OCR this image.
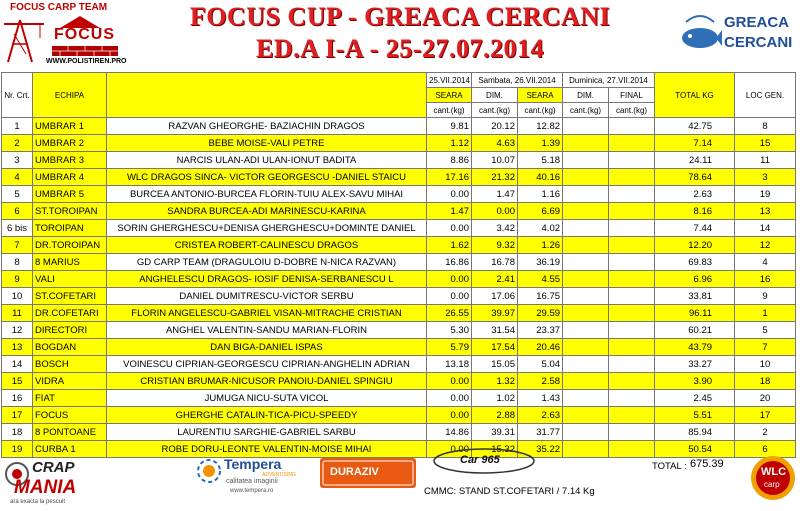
FOCUS CARP TEAM
FOCUS
WWW.POLISTIREN.PRO
FOCUS CUP - GREACA CERCANI
ED.A I-A - 25-27.07.2014
GREACA
CERCANI
Nr. Crt.	ECHIPA		25.VII.2014	Sambata, 26.VII.2014		Duminica, 27.VII.2014		TOTAL KG	LOC GEN.
			SEARA	DIM.	SEARA	DIM.	FINAL		
			cant.(kg)	cant.(kg)	cant.(kg)	cant.(kg)	cant.(kg)		
1	UMBRAR 1	RAZVAN GHEORGHE- BAZIACHIN DRAGOS	9.81	20.12	12.82			42.75	8
2	UMBRAR 2	BEBE MOISE-VALI PETRE	1.12	4.63	1.39			7.14	15
3	UMBRAR 3	NARCIS ULAN-ADI ULAN-IONUT BADITA	8.86	10.07	5.18			24.11	11
4	UMBRAR 4	WLC DRAGOS SINCA- VICTOR GEORGESCU -DANIEL STAICU	17.16	21.32	40.16			78.64	3
5	UMBRAR 5	BURCEA ANTONIO-BURCEA FLORIN-TUIU ALEX-SAVU MIHAI	0.00	1.47	1.16			2.63	19
6	ST.TOROIPAN	SANDRA BURCEA-ADI MARINESCU-KARINA	1.47	0.00	6.69			8.16	13
6 bis	TOROIPAN	SORIN GHERGHESCU+DENISA GHERGHESCU+DOMINTE DANIEL	0.00	3.42	4.02			7.44	14
7	DR.TOROIPAN	CRISTEA ROBERT-CALINESCU DRAGOS	1.62	9.32	1.26			12.20	12
8	8 MARIUS	GD CARP TEAM (DRAGULOIU D-DOBRE N-NICA RAZVAN)	16.86	16.78	36.19			69.83	4
9	VALI	ANGHELESCU DRAGOS- IOSIF DENISA-SERBANESCU L	0.00	2.41	4.55			6.96	16
10	ST.COFETARI	DANIEL DUMITRESCU-VICTOR SERBU	0.00	17.06	16.75			33.81	9
11	DR.COFETARI	FLORIN ANGELESCU-GABRIEL VISAN-MITRACHE CRISTIAN	26.55	39.97	29.59			96.11	1
12	DIRECTORI	ANGHEL VALENTIN-SANDU MARIAN-FLORIN	5.30	31.54	23.37			60.21	5
13	BOGDAN	DAN BIGA-DANIEL ISPAS	5.79	17.54	20.46			43.79	7
14	BOSCH	VOINESCU CIPRIAN-GEORGESCU CIPRIAN-ANGHELIN ADRIAN	13.18	15.05	5.04			33.27	10
15	VIDRA	CRISTIAN BRUMAR-NICUSOR PANOIU-DANIEL SPINGIU	0.00	1.32	2.58			3.90	18
16	FIAT	JUMUGA NICU-SUTA VICOL	0.00	1.02	1.43			2.45	20
17	FOCUS	GHERGHE CATALIN-TICA-PICU-SPEEDY	0.00	2.88	2.63			5.51	17
18	8 PONTOANE	LAURENTIU SARGHIE-GABRIEL SARBU	14.86	39.31	31.77			85.94	2
19	CURBA 1	ROBE DORU-LEONTE VALENTIN-MOISE MIHAI	0.00	15.32	35.22			50.54	6
CRAP
MANIA
ara exacta la pescuit
Tempera
ADVERTISING
calitatea imaginii
www.tempera.ro
DURAZIV
Car 965
TOTAL : 675.39
WLC
carp
CMMC: STAND ST.COFETARI / 7.14 Kg
